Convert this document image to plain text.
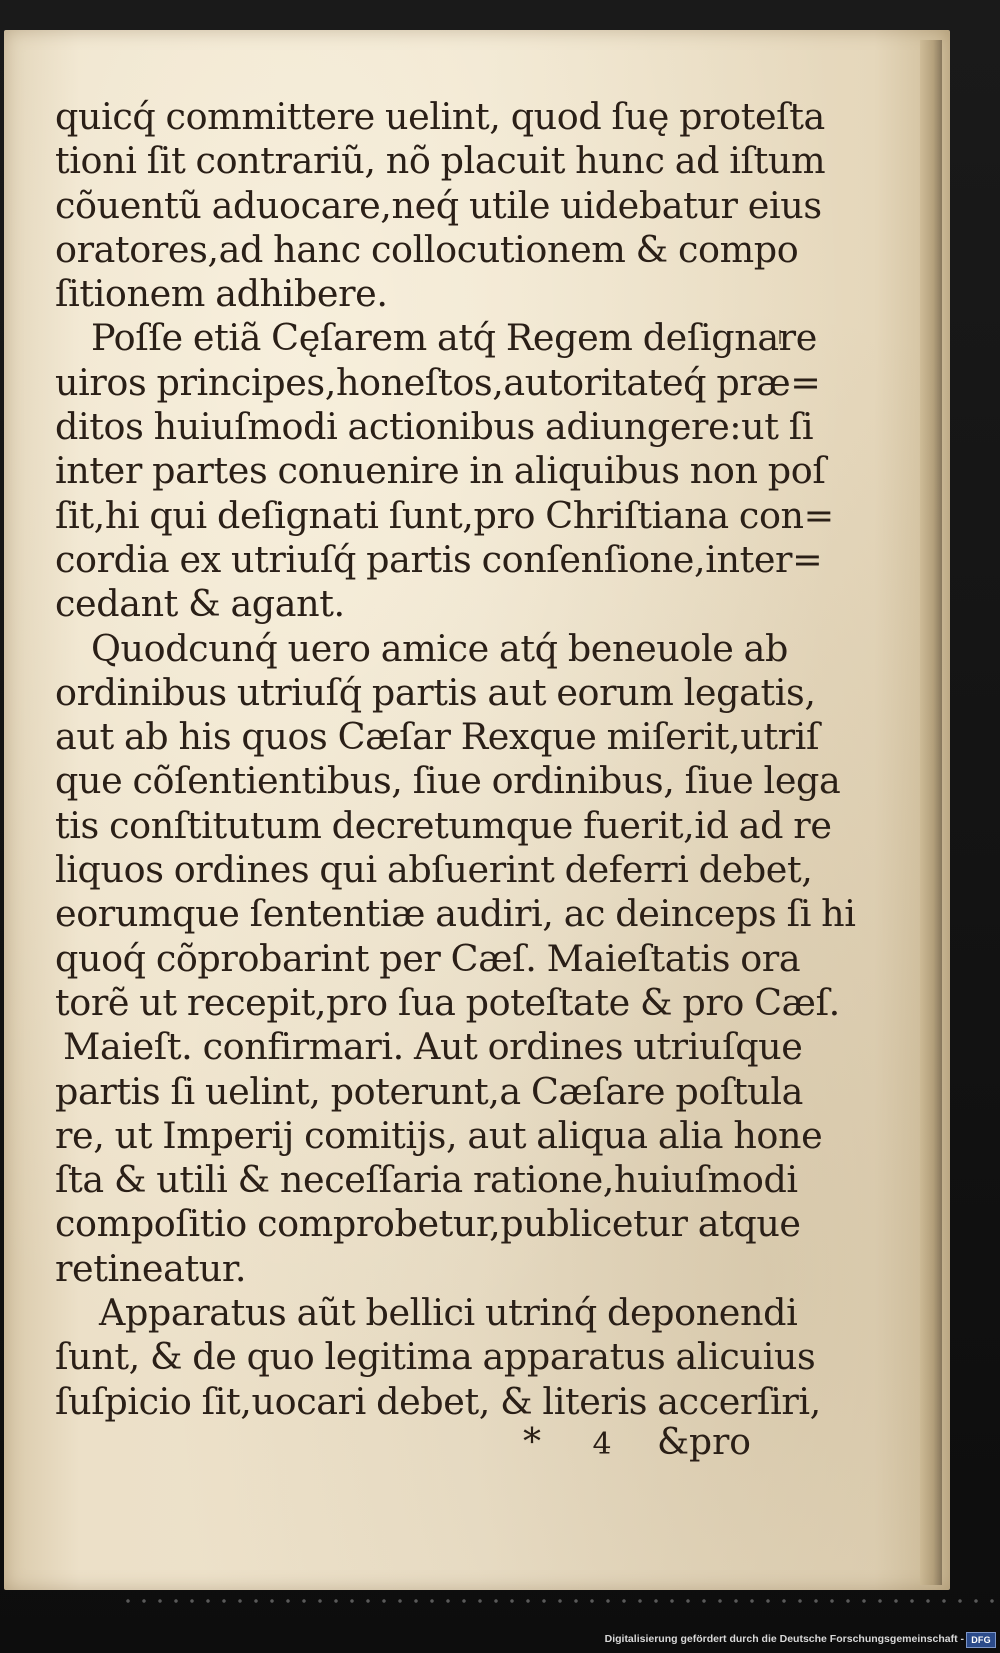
quicq́ committere uelint, quod ſuę proteſta
tioni ſit contrariũ, nõ placuit hunc ad iſtum
cõuentũ aduocare,neq́ utile uidebatur eius
oratores,ad hanc collocutionem & compo
ſitionem adhibere.
Poſſe etiã Cęſarem atq́ Regem deſignare
uiros principes,honeſtos,autoritateq́ præ=
ditos huiuſmodi actionibus adiungere:ut ſi
inter partes conuenire in aliquibus non poſ
ſit,hi qui deſignati ſunt,pro Chriſtiana con=
cordia ex utriuſq́ partis conſenſione,inter=
cedant & agant.
Quodcunq́ uero amice atq́ beneuole ab
ordinibus utriuſq́ partis aut eorum legatis,
aut ab his quos Cæſar Rexque miſerit,utriſ
que cõſentientibus, ſiue ordinibus, ſiue lega
tis conſtitutum decretumque fuerit,id ad re
liquos ordines qui abſuerint deferri debet,
eorumque ſententiæ audiri, ac deinceps ſi hi
quoq́ cõprobarint per Cæſ. Maieſtatis ora
torẽ ut recepit,pro ſua poteſtate & pro Cæſ.
Maieſt. confirmari. Aut ordines utriuſque
partis ſi uelint, poterunt,a Cæſare poſtula
re, ut Imperij comitijs, aut aliqua alia hone
ſta & utili & neceſſaria ratione,huiuſmodi
compoſitio comprobetur,publicetur atque
retineatur.
Apparatus aũt bellici utrinq́ deponendi
ſunt, & de quo legitima apparatus alicuius
ſuſpicio ſit,uocari debet, & literis accerſiri,
* 4 &pro
Digitalisierung gefördert durch die Deutsche Forschungsgemeinschaft - DFG
